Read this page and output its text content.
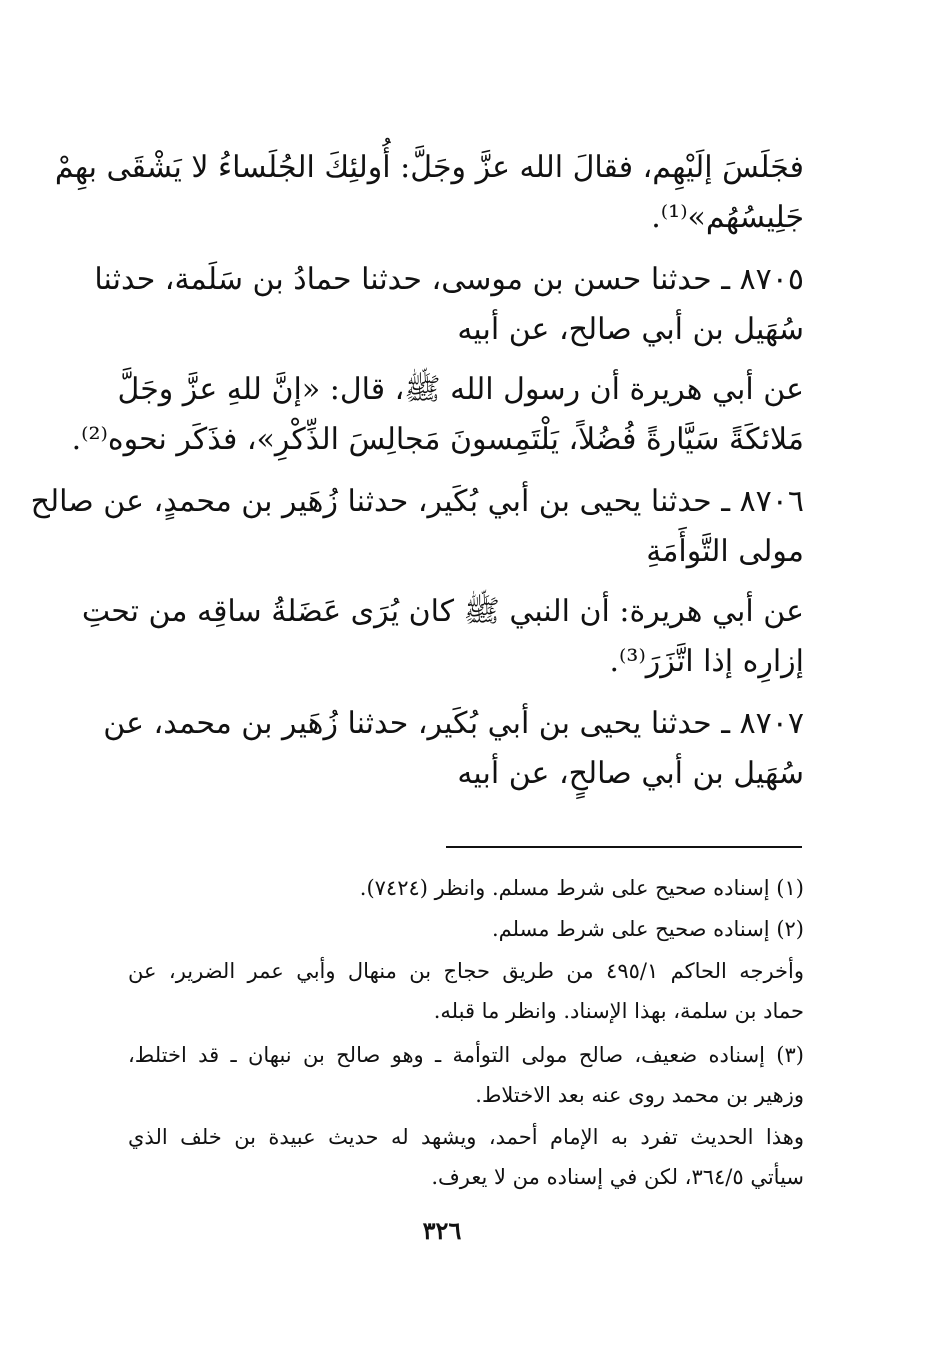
فجَلَسَ إلَيْهِم، فقالَ الله عزَّ وجَلَّ: أُولئِكَ الجُلَساءُ لا يَشْقَى بهِمْ
جَلِيسُهُم»⁽¹⁾.
٨٧٠٥ ـ حدثنا حسن بن موسى، حدثنا حمادُ بن سَلَمة، حدثنا
سُهَيل بن أبي صالح، عن أبيه
عن أبي هريرة أن رسول الله ﷺ، قال: «إنَّ للهِ عزَّ وجَلَّ
مَلائكَةً سَيَّارةً فُضُلاً، يَلْتَمِسونَ مَجالِسَ الذِّكْرِ»، فذَكَر نحوه⁽²⁾.
٨٧٠٦ ـ حدثنا يحيى بن أبي بُكَير، حدثنا زُهَير بن محمدٍ، عن صالح
مولى التَّوأَمَةِ
عن أبي هريرة: أن النبي ﷺ كان يُرَى عَضَلةُ ساقِه من تحتِ
إزارِه إذا اتَّزَرَ⁽³⁾.
٨٧٠٧ ـ حدثنا يحيى بن أبي بُكَير، حدثنا زُهَير بن محمد، عن
سُهَيل بن أبي صالحٍ، عن أبيه
(١) إسناده صحيح على شرط مسلم. وانظر (٧٤٢٤).
(٢) إسناده صحيح على شرط مسلم.
وأخرجه الحاكم ٤٩٥/١ من طريق حجاج بن منهال وأبي عمر الضرير، عن
حماد بن سلمة، بهذا الإسناد. وانظر ما قبله.
(٣) إسناده ضعيف، صالح مولى التوأمة ـ وهو صالح بن نبهان ـ قد اختلط،
وزهير بن محمد روى عنه بعد الاختلاط.
وهذا الحديث تفرد به الإمام أحمد، ويشهد له حديث عبيدة بن خلف الذي
سيأتي ٣٦٤/٥، لكن في إسناده من لا يعرف.
٣٢٦
